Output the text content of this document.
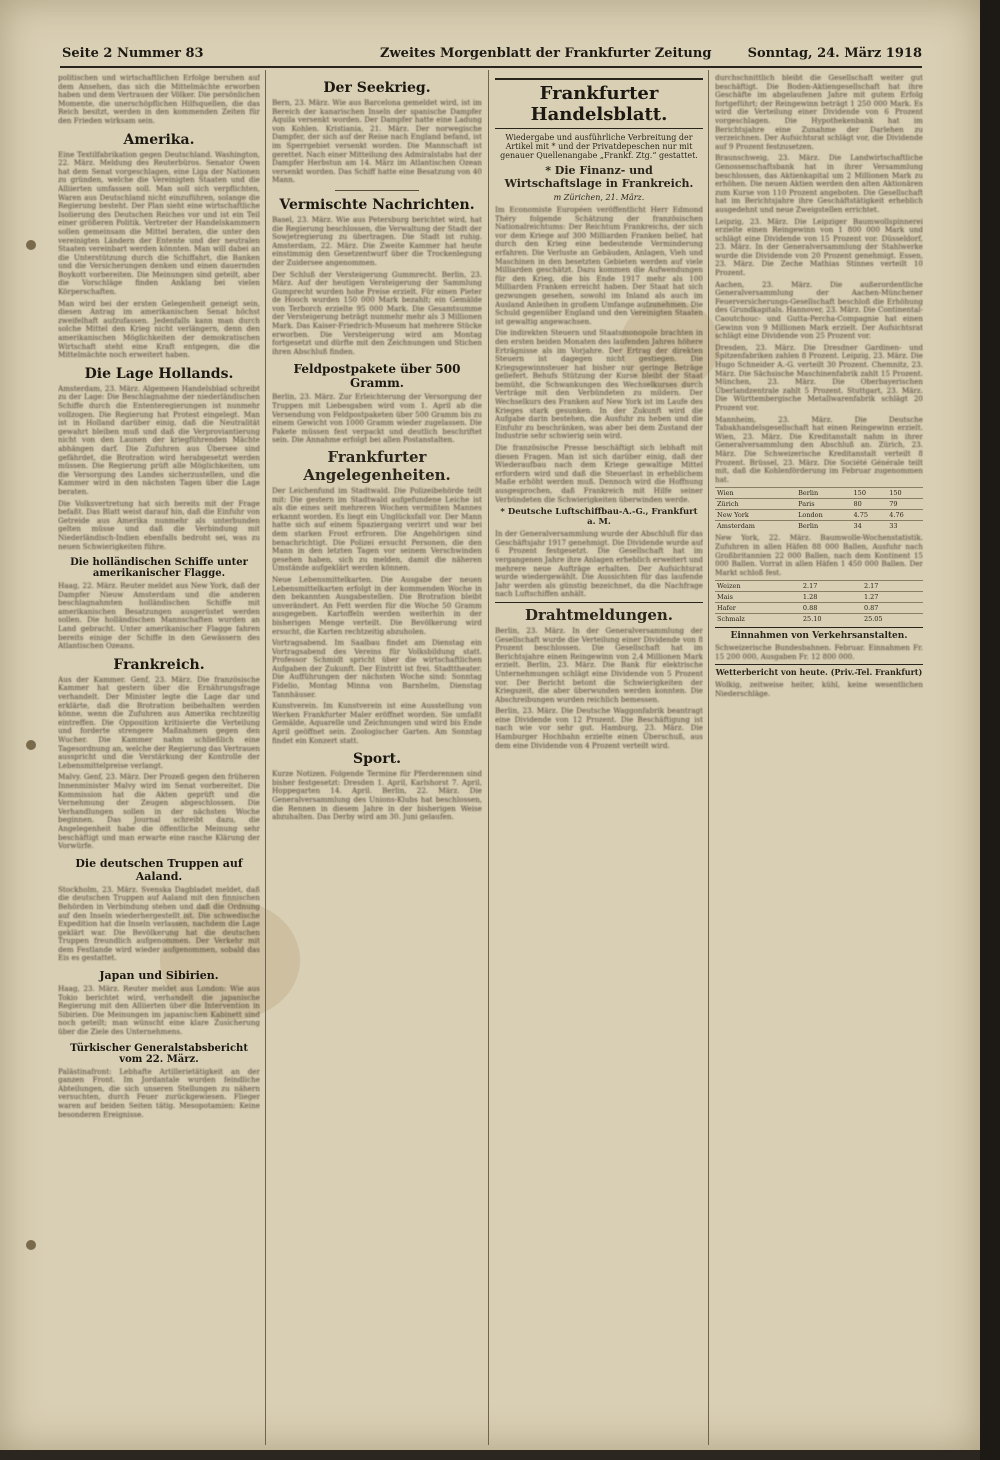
Seite 2 Nummer 83	Zweites Morgenblatt der Frankfurter Zeitung	Sonntag, 24. März 1918

politischen und wirtschaftlichen Erfolge beruhen auf dem Ansehen, das sich die Mittelmächte erworben haben und dem Vertrauen der Völker. Die persönlichen Momente, die unerschöpflichen Hilfsquellen, die das Reich besitzt, werden in den kommenden Zeiten für den Frieden wirksam sein.

Amerika.

Eine Textilfabrikation gegen Deutschland. Washington, 22. März. Meldung des Reuterbüros. Senator Owen hat dem Senat vorgeschlagen, eine Liga der Nationen zu gründen, welche die Vereinigten Staaten und die Alliierten umfassen soll. Man soll sich verpflichten, Waren aus Deutschland nicht einzuführen, solange die Regierung besteht. Der Plan sieht eine wirtschaftliche Isolierung des Deutschen Reiches vor und ist ein Teil einer größeren Politik. Vertreter der Handelskammern sollen gemeinsam die Mittel beraten, die unter den vereinigten Ländern der Entente und der neutralen Staaten vereinbart werden könnten. Man will dabei an die Unterstützung durch die Schiffahrt, die Banken und die Versicherungen denken und einen dauernden Boykott vorbereiten. Die Meinungen sind geteilt, aber die Vorschläge finden Anklang bei vielen Körperschaften.

Man wird bei der ersten Gelegenheit geneigt sein, diesen Antrag im amerikanischen Senat höchst zweifelhaft aufzufassen. Jedenfalls kann man durch solche Mittel den Krieg nicht verlängern, denn den amerikanischen Möglichkeiten der demokratischen Wirtschaft steht eine Kraft entgegen, die die Mittelmächte noch erweitert haben.

Die Lage Hollands.

Amsterdam, 23. März. Algemeen Handelsblad schreibt zu der Lage: Die Beschlagnahme der niederländischen Schiffe durch die Ententeregierungen ist nunmehr vollzogen. Die Regierung hat Protest eingelegt. Man ist in Holland darüber einig, daß die Neutralität gewahrt bleiben muß und daß die Verproviantierung nicht von den Launen der kriegführenden Mächte abhängen darf. Die Zufuhren aus Übersee sind gefährdet, die Brotration wird herabgesetzt werden müssen. Die Regierung prüft alle Möglichkeiten, um die Versorgung des Landes sicherzustellen, und die Kammer wird in den nächsten Tagen über die Lage beraten.

Die Volksvertretung hat sich bereits mit der Frage befaßt. Das Blatt weist darauf hin, daß die Einfuhr von Getreide aus Amerika nunmehr als unterbunden gelten müsse und daß die Verbindung mit Niederländisch-Indien ebenfalls bedroht sei, was zu neuen Schwierigkeiten führe.

Die holländischen Schiffe unter amerikanischer Flagge.

Haag, 22. März. Reuter meldet aus New York, daß der Dampfer Nieuw Amsterdam und die anderen beschlagnahmten holländischen Schiffe mit amerikanischen Besatzungen ausgerüstet werden sollen. Die holländischen Mannschaften wurden an Land gebracht. Unter amerikanischer Flagge fahren bereits einige der Schiffe in den Gewässern des Atlantischen Ozeans.

Frankreich.

Aus der Kammer. Genf, 23. März. Die französische Kammer hat gestern über die Ernährungsfrage verhandelt. Der Minister legte die Lage dar und erklärte, daß die Brotration beibehalten werden könne, wenn die Zufuhren aus Amerika rechtzeitig eintreffen. Die Opposition kritisierte die Verteilung und forderte strengere Maßnahmen gegen den Wucher. Die Kammer nahm schließlich eine Tagesordnung an, welche der Regierung das Vertrauen ausspricht und die Verstärkung der Kontrolle der Lebensmittelpreise verlangt.

Malvy. Genf, 23. März. Der Prozeß gegen den früheren Innenminister Malvy wird im Senat vorbereitet. Die Kommission hat die Akten geprüft und die Vernehmung der Zeugen abgeschlossen. Die Verhandlungen sollen in der nächsten Woche beginnen. Das Journal schreibt dazu, die Angelegenheit habe die öffentliche Meinung sehr beschäftigt und man erwarte eine rasche Klärung der Vorwürfe.

Die deutschen Truppen auf Aaland.

Stockholm, 23. März. Svenska Dagbladet meldet, daß die deutschen Truppen auf Aaland mit den finnischen Behörden in Verbindung stehen und daß die Ordnung auf den Inseln wiederhergestellt ist. Die schwedische Expedition hat die Inseln verlassen, nachdem die Lage geklärt war. Die Bevölkerung hat die deutschen Truppen freundlich aufgenommen. Der Verkehr mit dem Festlande wird wieder aufgenommen, sobald das Eis es gestattet.

Japan und Sibirien.

Haag, 23. März. Reuter meldet aus London: Wie aus Tokio berichtet wird, verhandelt die japanische Regierung mit den Alliierten über die Intervention in Sibirien. Die Meinungen im japanischen Kabinett sind noch geteilt; man wünscht eine klare Zusicherung über die Ziele des Unternehmens.

Türkischer Generalstabsbericht vom 22. März.

Palästinafront: Lebhafte Artillerietätigkeit an der ganzen Front. Im Jordantale wurden feindliche Abteilungen, die sich unseren Stellungen zu nähern versuchten, durch Feuer zurückgewiesen. Flieger waren auf beiden Seiten tätig. Mesopotamien: Keine besonderen Ereignisse.

Der Seekrieg.

Bern, 23. März. Wie aus Barcelona gemeldet wird, ist im Bereich der kanarischen Inseln der spanische Dampfer Aquila versenkt worden. Der Dampfer hatte eine Ladung von Kohlen. Kristiania, 21. März. Der norwegische Dampfer, der sich auf der Reise nach England befand, ist im Sperrgebiet versenkt worden. Die Mannschaft ist gerettet. Nach einer Mitteilung des Admiralstabs hat der Dampfer Herbstun am 14. März im Atlantischen Ozean versenkt worden. Das Schiff hatte eine Besatzung von 40 Mann.

Vermischte Nachrichten.

Basel, 23. März. Wie aus Petersburg berichtet wird, hat die Regierung beschlossen, die Verwaltung der Stadt der Sowjetregierung zu übertragen. Die Stadt ist ruhig. Amsterdam, 22. März. Die Zweite Kammer hat heute einstimmig den Gesetzentwurf über die Trockenlegung der Zuidersee angenommen.

Der Schluß der Versteigerung Gummrecht. Berlin, 23. März. Auf der heutigen Versteigerung der Sammlung Gumprecht wurden hohe Preise erzielt. Für einen Pieter de Hooch wurden 150 000 Mark bezahlt; ein Gemälde von Terborch erzielte 95 000 Mark. Die Gesamtsumme der Versteigerung beträgt nunmehr mehr als 3 Millionen Mark. Das Kaiser-Friedrich-Museum hat mehrere Stücke erworben. Die Versteigerung wird am Montag fortgesetzt und dürfte mit den Zeichnungen und Stichen ihren Abschluß finden.

Feldpostpakete über 500 Gramm.

Berlin, 23. März. Zur Erleichterung der Versorgung der Truppen mit Liebesgaben wird vom 1. April ab die Versendung von Feldpostpaketen über 500 Gramm bis zu einem Gewicht von 1000 Gramm wieder zugelassen. Die Pakete müssen fest verpackt und deutlich beschriftet sein. Die Annahme erfolgt bei allen Postanstalten.

Frankfurter Angelegenheiten.

Der Leichenfund im Stadtwald. Die Polizeibehörde teilt mit: Die gestern im Stadtwald aufgefundene Leiche ist als die eines seit mehreren Wochen vermißten Mannes erkannt worden. Es liegt ein Unglücksfall vor. Der Mann hatte sich auf einem Spaziergang verirrt und war bei dem starken Frost erfroren. Die Angehörigen sind benachrichtigt. Die Polizei ersucht Personen, die den Mann in den letzten Tagen vor seinem Verschwinden gesehen haben, sich zu melden, damit die näheren Umstände aufgeklärt werden können.

Neue Lebensmittelkarten. Die Ausgabe der neuen Lebensmittelkarten erfolgt in der kommenden Woche in den bekannten Ausgabestellen. Die Brotration bleibt unverändert. An Fett werden für die Woche 50 Gramm ausgegeben. Kartoffeln werden weiterhin in der bisherigen Menge verteilt. Die Bevölkerung wird ersucht, die Karten rechtzeitig abzuholen.

Vortragsabend. Im Saalbau findet am Dienstag ein Vortragsabend des Vereins für Volksbildung statt. Professor Schmidt spricht über die wirtschaftlichen Aufgaben der Zukunft. Der Eintritt ist frei. Stadttheater. Die Aufführungen der nächsten Woche sind: Sonntag Fidelio, Montag Minna von Barnhelm, Dienstag Tannhäuser.

Kunstverein. Im Kunstverein ist eine Ausstellung von Werken Frankfurter Maler eröffnet worden. Sie umfaßt Gemälde, Aquarelle und Zeichnungen und wird bis Ende April geöffnet sein. Zoologischer Garten. Am Sonntag findet ein Konzert statt.

Sport.

Kurze Notizen. Folgende Termine für Pferderennen sind bisher festgesetzt: Dresden 1. April, Karlshorst 7. April, Hoppegarten 14. April. Berlin, 22. März. Die Generalversammlung des Unions-Klubs hat beschlossen, die Rennen in diesem Jahre in der bisherigen Weise abzuhalten. Das Derby wird am 30. Juni gelaufen.

Frankfurter Handelsblatt.
Wiedergabe und ausführliche Verbreitung der Artikel mit * und der Privatdepeschen nur mit genauer Quellenangabe „Frankf. Ztg.“ gestattet.
* Die Finanz- und Wirtschaftslage in Frankreich.
m Zürichen, 21. März.

Im Economiste Européen veröffentlicht Herr Edmond Théry folgende Schätzung der französischen Nationalreichtums: Der Reichtum Frankreichs, der sich vor dem Kriege auf 300 Milliarden Franken belief, hat durch den Krieg eine bedeutende Verminderung erfahren. Die Verluste an Gebäuden, Anlagen, Vieh und Maschinen in den besetzten Gebieten werden auf viele Milliarden geschätzt. Dazu kommen die Aufwendungen für den Krieg, die bis Ende 1917 mehr als 100 Milliarden Franken erreicht haben. Der Staat hat sich gezwungen gesehen, sowohl im Inland als auch im Ausland Anleihen in großem Umfange aufzunehmen. Die Schuld gegenüber England und den Vereinigten Staaten ist gewaltig angewachsen.

Die indirekten Steuern und Staatsmonopole brachten in den ersten beiden Monaten des laufenden Jahres höhere Erträgnisse als im Vorjahre. Der Ertrag der direkten Steuern ist dagegen nicht gestiegen. Die Kriegsgewinnsteuer hat bisher nur geringe Beträge geliefert. Behufs Stützung der Kurse bleibt der Staat bemüht, die Schwankungen des Wechselkurses durch Verträge mit den Verbündeten zu mildern. Der Wechselkurs des Franken auf New York ist im Laufe des Krieges stark gesunken. In der Zukunft wird die Aufgabe darin bestehen, die Ausfuhr zu heben und die Einfuhr zu beschränken, was aber bei dem Zustand der Industrie sehr schwierig sein wird.

Die französische Presse beschäftigt sich lebhaft mit diesen Fragen. Man ist sich darüber einig, daß der Wiederaufbau nach dem Kriege gewaltige Mittel erfordern wird und daß die Steuerlast in erheblichem Maße erhöht werden muß. Dennoch wird die Hoffnung ausgesprochen, daß Frankreich mit Hilfe seiner Verbündeten die Schwierigkeiten überwinden werde.

* Deutsche Luftschiffbau-A.-G., Frankfurt a. M.

In der Generalversammlung wurde der Abschluß für das Geschäftsjahr 1917 genehmigt. Die Dividende wurde auf 6 Prozent festgesetzt. Die Gesellschaft hat im vergangenen Jahre ihre Anlagen erheblich erweitert und mehrere neue Aufträge erhalten. Der Aufsichtsrat wurde wiedergewählt. Die Aussichten für das laufende Jahr werden als günstig bezeichnet, da die Nachfrage nach Luftschiffen anhält.

Drahtmeldungen.

Berlin, 23. März. In der Generalversammlung der Gesellschaft wurde die Verteilung einer Dividende von 8 Prozent beschlossen. Die Gesellschaft hat im Berichtsjahre einen Reingewinn von 2,4 Millionen Mark erzielt. Berlin, 23. März. Die Bank für elektrische Unternehmungen schlägt eine Dividende von 5 Prozent vor. Der Bericht betont die Schwierigkeiten der Kriegszeit, die aber überwunden werden konnten. Die Abschreibungen wurden reichlich bemessen.

Berlin, 23. März. Die Deutsche Waggonfabrik beantragt eine Dividende von 12 Prozent. Die Beschäftigung ist nach wie vor sehr gut. Hamburg, 23. März. Die Hamburger Hochbahn erzielte einen Überschuß, aus dem eine Dividende von 4 Prozent verteilt wird.

durchschnittlich bleibt die Gesellschaft weiter gut beschäftigt. Die Boden-Aktiengesellschaft hat ihre Geschäfte im abgelaufenen Jahre mit gutem Erfolg fortgeführt; der Reingewinn beträgt 1 250 000 Mark. Es wird die Verteilung einer Dividende von 6 Prozent vorgeschlagen. Die Hypothekenbank hat im Berichtsjahre eine Zunahme der Darlehen zu verzeichnen. Der Aufsichtsrat schlägt vor, die Dividende auf 9 Prozent festzusetzen.

Braunschweig, 23. März. Die Landwirtschaftliche Genossenschaftsbank hat in ihrer Versammlung beschlossen, das Aktienkapital um 2 Millionen Mark zu erhöhen. Die neuen Aktien werden den alten Aktionären zum Kurse von 110 Prozent angeboten. Die Gesellschaft hat im Berichtsjahre ihre Geschäftstätigkeit erheblich ausgedehnt und neue Zweigstellen errichtet.

Leipzig, 23. März. Die Leipziger Baumwollspinnerei erzielte einen Reingewinn von 1 800 000 Mark und schlägt eine Dividende von 15 Prozent vor. Düsseldorf, 23. März. In der Generalversammlung der Stahlwerke wurde die Dividende von 20 Prozent genehmigt. Essen, 23. März. Die Zeche Mathias Stinnes verteilt 10 Prozent.

Aachen, 23. März. Die außerordentliche Generalversammlung der Aachen-Münchener Feuerversicherungs-Gesellschaft beschloß die Erhöhung des Grundkapitals. Hannover, 23. März. Die Continental-Caoutchouc- und Gutta-Percha-Compagnie hat einen Gewinn von 9 Millionen Mark erzielt. Der Aufsichtsrat schlägt eine Dividende von 25 Prozent vor.

Dresden, 23. März. Die Dresdner Gardinen- und Spitzenfabriken zahlen 8 Prozent. Leipzig, 23. März. Die Hugo Schneider A.-G. verteilt 30 Prozent. Chemnitz, 23. März. Die Sächsische Maschinenfabrik zahlt 15 Prozent. München, 23. März. Die Oberbayerischen Überlandzentrale zahlt 5 Prozent. Stuttgart, 23. März. Die Württembergische Metallwarenfabrik schlägt 20 Prozent vor.

Mannheim, 23. März. Die Deutsche Tabakhandelsgesellschaft hat einen Reingewinn erzielt. Wien, 23. März. Die Kreditanstalt nahm in ihrer Generalversammlung den Abschluß an. Zürich, 23. März. Die Schweizerische Kreditanstalt verteilt 8 Prozent. Brüssel, 23. März. Die Société Générale teilt mit, daß die Kohlenförderung im Februar zugenommen hat.

Wien	Berlin	150	150
Zürich	Paris	80	79
New York	London	4.75	4.76
Amsterdam	Berlin	34	33

New York, 22. März. Baumwolle-Wochenstatistik. Zufuhren in allen Häfen 88 000 Ballen, Ausfuhr nach Großbritannien 22 000 Ballen, nach dem Kontinent 15 000 Ballen. Vorrat in allen Häfen 1 450 000 Ballen. Der Markt schloß fest.

Weizen	2.17	2.17
Mais	1.28	1.27
Hafer	0.88	0.87
Schmalz	25.10	25.05
Einnahmen von Verkehrsanstalten.

Schweizerische Bundesbahnen. Februar. Einnahmen Fr. 15 200 000, Ausgaben Fr. 12 800 000.

Wetterbericht von heute. (Priv.-Tel. Frankfurt)

Wolkig, zeitweise heiter, kühl, keine wesentlichen Niederschläge.
